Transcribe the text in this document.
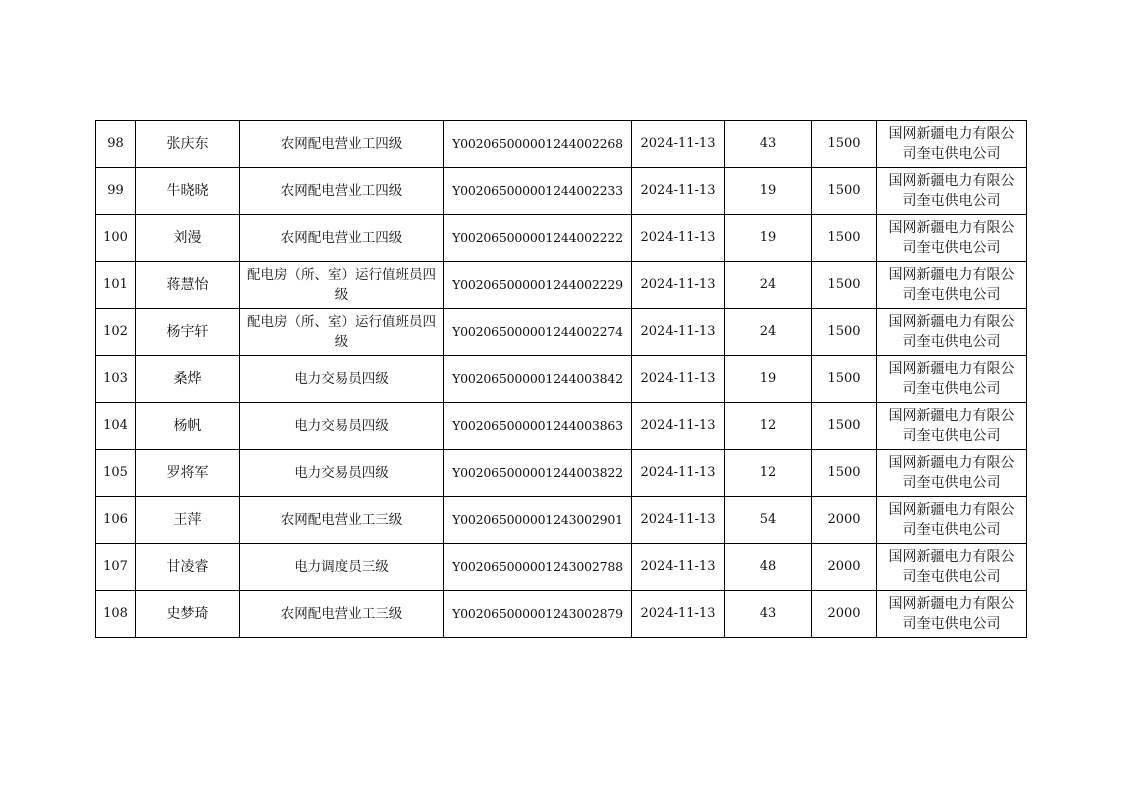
98	张庆东	农网配电营业工四级	Y002065000001244002268	2024-11-13	43	1500	国网新疆电力有限公司奎屯供电公司

99	牛晓晓	农网配电营业工四级	Y002065000001244002233	2024-11-13	19	1500	国网新疆电力有限公司奎屯供电公司

100	刘漫	农网配电营业工四级	Y002065000001244002222	2024-11-13	19	1500	国网新疆电力有限公司奎屯供电公司

101	蒋慧怡	配电房（所、室）运行值班员四级	Y002065000001244002229	2024-11-13	24	1500	国网新疆电力有限公司奎屯供电公司

102	杨宇轩	配电房（所、室）运行值班员四级	Y002065000001244002274	2024-11-13	24	1500	国网新疆电力有限公司奎屯供电公司

103	桑烨	电力交易员四级	Y002065000001244003842	2024-11-13	19	1500	国网新疆电力有限公司奎屯供电公司

104	杨帆	电力交易员四级	Y002065000001244003863	2024-11-13	12	1500	国网新疆电力有限公司奎屯供电公司

105	罗将军	电力交易员四级	Y002065000001244003822	2024-11-13	12	1500	国网新疆电力有限公司奎屯供电公司

106	王萍	农网配电营业工三级	Y002065000001243002901	2024-11-13	54	2000	国网新疆电力有限公司奎屯供电公司

107	甘凌睿	电力调度员三级	Y002065000001243002788	2024-11-13	48	2000	国网新疆电力有限公司奎屯供电公司

108	史梦琦	农网配电营业工三级	Y002065000001243002879	2024-11-13	43	2000	国网新疆电力有限公司奎屯供电公司
